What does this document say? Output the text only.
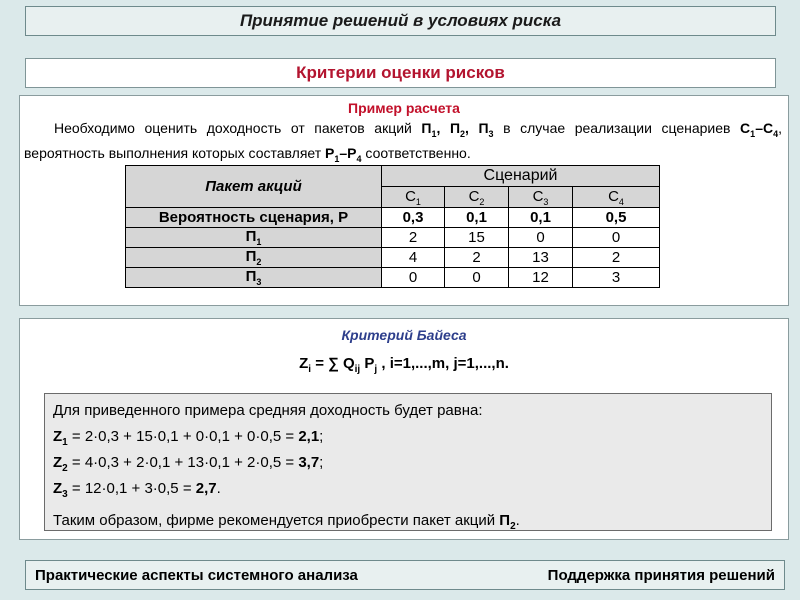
Принятие решений в условиях риска
Критерии оценки рисков
Пример расчета
Необходимо оценить доходность от пакетов акций $П_1$, $П_2$, $П_3$ в случае реализации сценариев $С_1-С_4$, вероятность выполнения которых составляет $Р_1-Р_4$ соответственно.
Пакет акций	Сценарий			
	$С_1$	$С_2$	$С_3$	$С_4$
Вероятность сценария, Р	0,3	0,1	0,1	0,5
$П_1$	2	15	0	0
$П_2$	4	2	13	2
$П_3$	0	0	12	3
Критерий Байеса
$Z_i$ = ∑ $Q_{ij}$ $P_j$ , i=1,...,m, j=1,...,n.
Для приведенного примера средняя доходность будет равна:
$Z_1 = 2\cdot 0,3 + 15\cdot 0,1 + 0\cdot 0,1 + 0\cdot 0,5 = 2,1$;
$Z_2 = 4\cdot 0,3 + 2\cdot 0,1 + 13\cdot 0,1 + 2\cdot 0,5 = 3,7$;
$Z_3 = 12\cdot 0,1 + 3\cdot 0,5 = 2,7$.
Таким образом, фирме рекомендуется приобрести пакет акций $П_2$.
Практические аспекты системного анализа	Поддержка принятия решений
